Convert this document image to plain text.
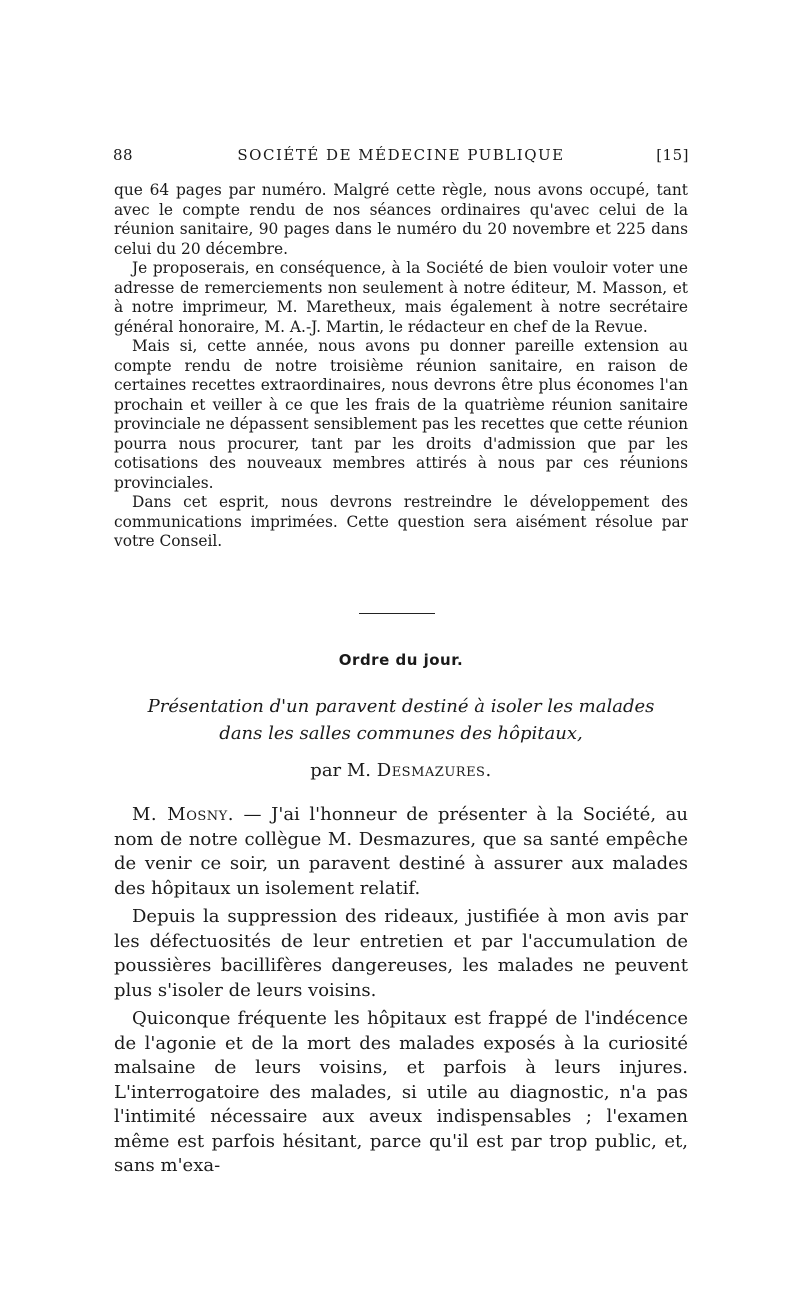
88	SOCIÉTÉ DE MÉDECINE PUBLIQUE	[15]

que 64 pages par numéro. Malgré cette règle, nous avons occupé, tant avec le compte rendu de nos séances ordinaires qu'avec celui de la réunion sanitaire, 90 pages dans le numéro du 20 novembre et 225 dans celui du 20 décembre.

Je proposerais, en conséquence, à la Société de bien vouloir voter une adresse de remerciements non seulement à notre éditeur, M. Masson, et à notre imprimeur, M. Maretheux, mais également à notre secrétaire général honoraire, M. A.-J. Martin, le rédacteur en chef de la Revue.

Mais si, cette année, nous avons pu donner pareille extension au compte rendu de notre troisième réunion sanitaire, en raison de certaines recettes extraordinaires, nous devrons être plus économes l'an prochain et veiller à ce que les frais de la quatrième réunion sanitaire provinciale ne dépassent sensiblement pas les recettes que cette réunion pourra nous procurer, tant par les droits d'admission que par les cotisations des nouveaux membres attirés à nous par ces réunions provinciales.

Dans cet esprit, nous devrons restreindre le développement des communications imprimées. Cette question sera aisément résolue par votre Conseil.

Ordre du jour.
Présentation d'un paravent destiné à isoler les malades
dans les salles communes des hôpitaux,
par M. Desmazures.

M. Mosny. — J'ai l'honneur de présenter à la Société, au nom de notre collègue M. Desmazures, que sa santé empêche de venir ce soir, un paravent destiné à assurer aux malades des hôpitaux un isolement relatif.

Depuis la suppression des rideaux, justifiée à mon avis par les défectuosités de leur entretien et par l'accumulation de poussières bacillifères dangereuses, les malades ne peuvent plus s'isoler de leurs voisins.

Quiconque fréquente les hôpitaux est frappé de l'indécence de l'agonie et de la mort des malades exposés à la curiosité malsaine de leurs voisins, et parfois à leurs injures. L'interrogatoire des malades, si utile au diagnostic, n'a pas l'intimité nécessaire aux aveux indispensables ; l'examen même est parfois hésitant, parce qu'il est par trop public, et, sans m'exa-
